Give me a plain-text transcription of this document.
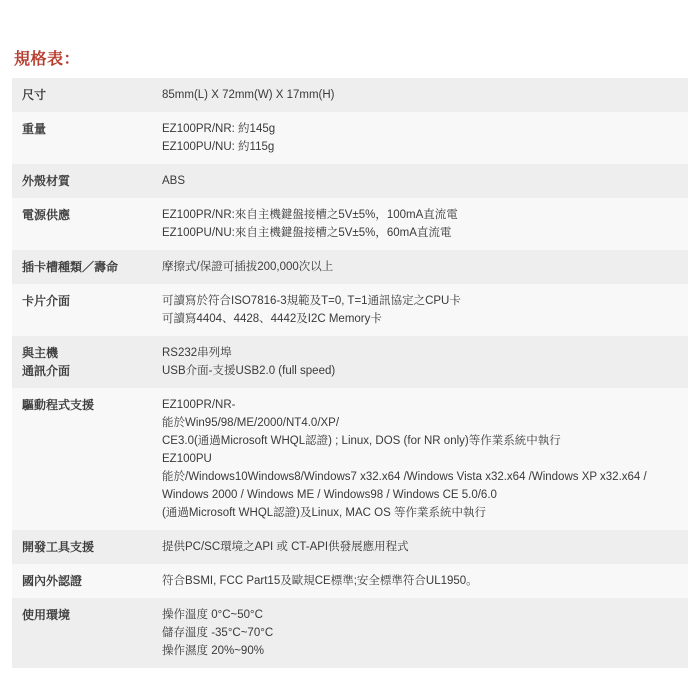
規格表：
尺寸	85mm(L) X 72mm(W) X 17mm(H)

重量	EZ100PR/NR: 約145g
EZ100PU/NU: 約115g

外殼材質	ABS

電源供應	EZ100PR/NR:來自主機鍵盤接槽之5V±5%，100mA直流電
EZ100PU/NU:來自主機鍵盤接槽之5V±5%，60mA直流電

插卡槽種類／壽命	摩擦式/保證可插拔200,000次以上

卡片介面	可讀寫於符合ISO7816-3規範及T=0, T=1通訊協定之CPU卡
可讀寫4404、4428、4442及I2C Memory卡

與主機
通訊介面	RS232串列埠
USB介面-支援USB2.0 (full speed)

驅動程式支援	EZ100PR/NR-
能於Win95/98/ME/2000/NT4.0/XP/
CE3.0(通過Microsoft WHQL認證) ; Linux, DOS (for NR only)等作業系統中執行
EZ100PU
能於/Windows10Windows8/Windows7 x32.x64 /Windows Vista x32.x64 /Windows XP x32.x64 / Windows 2000 / Windows ME / Windows98 / Windows CE 5.0/6.0
(通過Microsoft WHQL認證)及Linux, MAC OS 等作業系統中執行

開發工具支援	提供PC/SC環境之API 或 CT-API供發展應用程式

國內外認證	符合BSMI, FCC Part15及歐規CE標準;安全標準符合UL1950。

使用環境	操作溫度 0°C~50°C
儲存溫度 -35°C~70°C
操作濕度 20%~90%
